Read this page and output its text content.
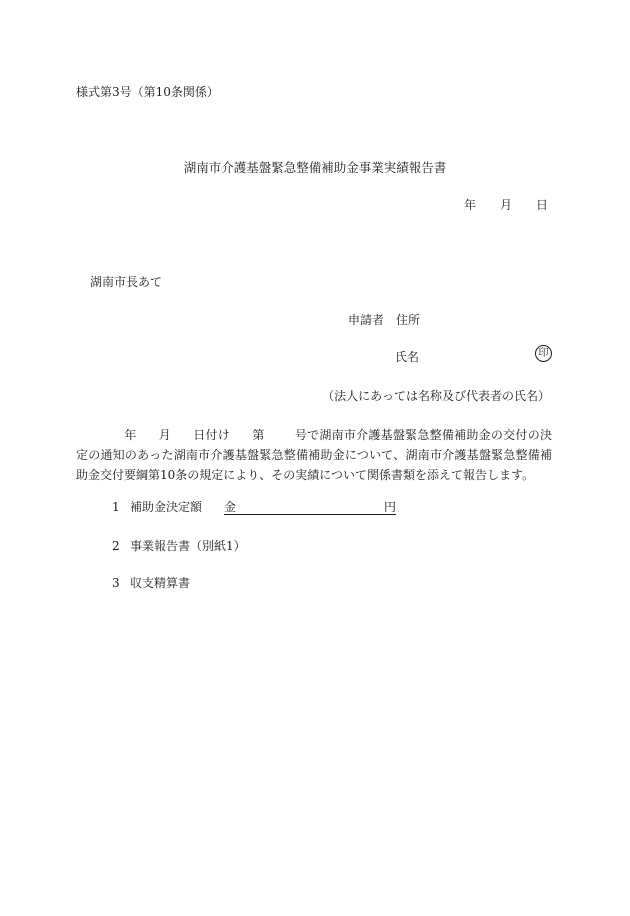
様式第3号（第10条関係）
湖南市介護基盤緊急整備補助金事業実績報告書
年 月 日
湖南市長あて
申請者 住所
氏名	印
（法人にあっては名称及び代表者の氏名）
年 月 日付け 第	号で湖南市介護基盤緊急整備補助金の交付の決定の通知のあった湖南市介護基盤緊急整備補助金について、湖南市介護基盤緊急整備補助金交付要綱第10条の規定により、その実績について関係書類を添えて報告します。
1 補助金決定額 金	円
2 事業報告書（別紙1）
3 収支精算書
